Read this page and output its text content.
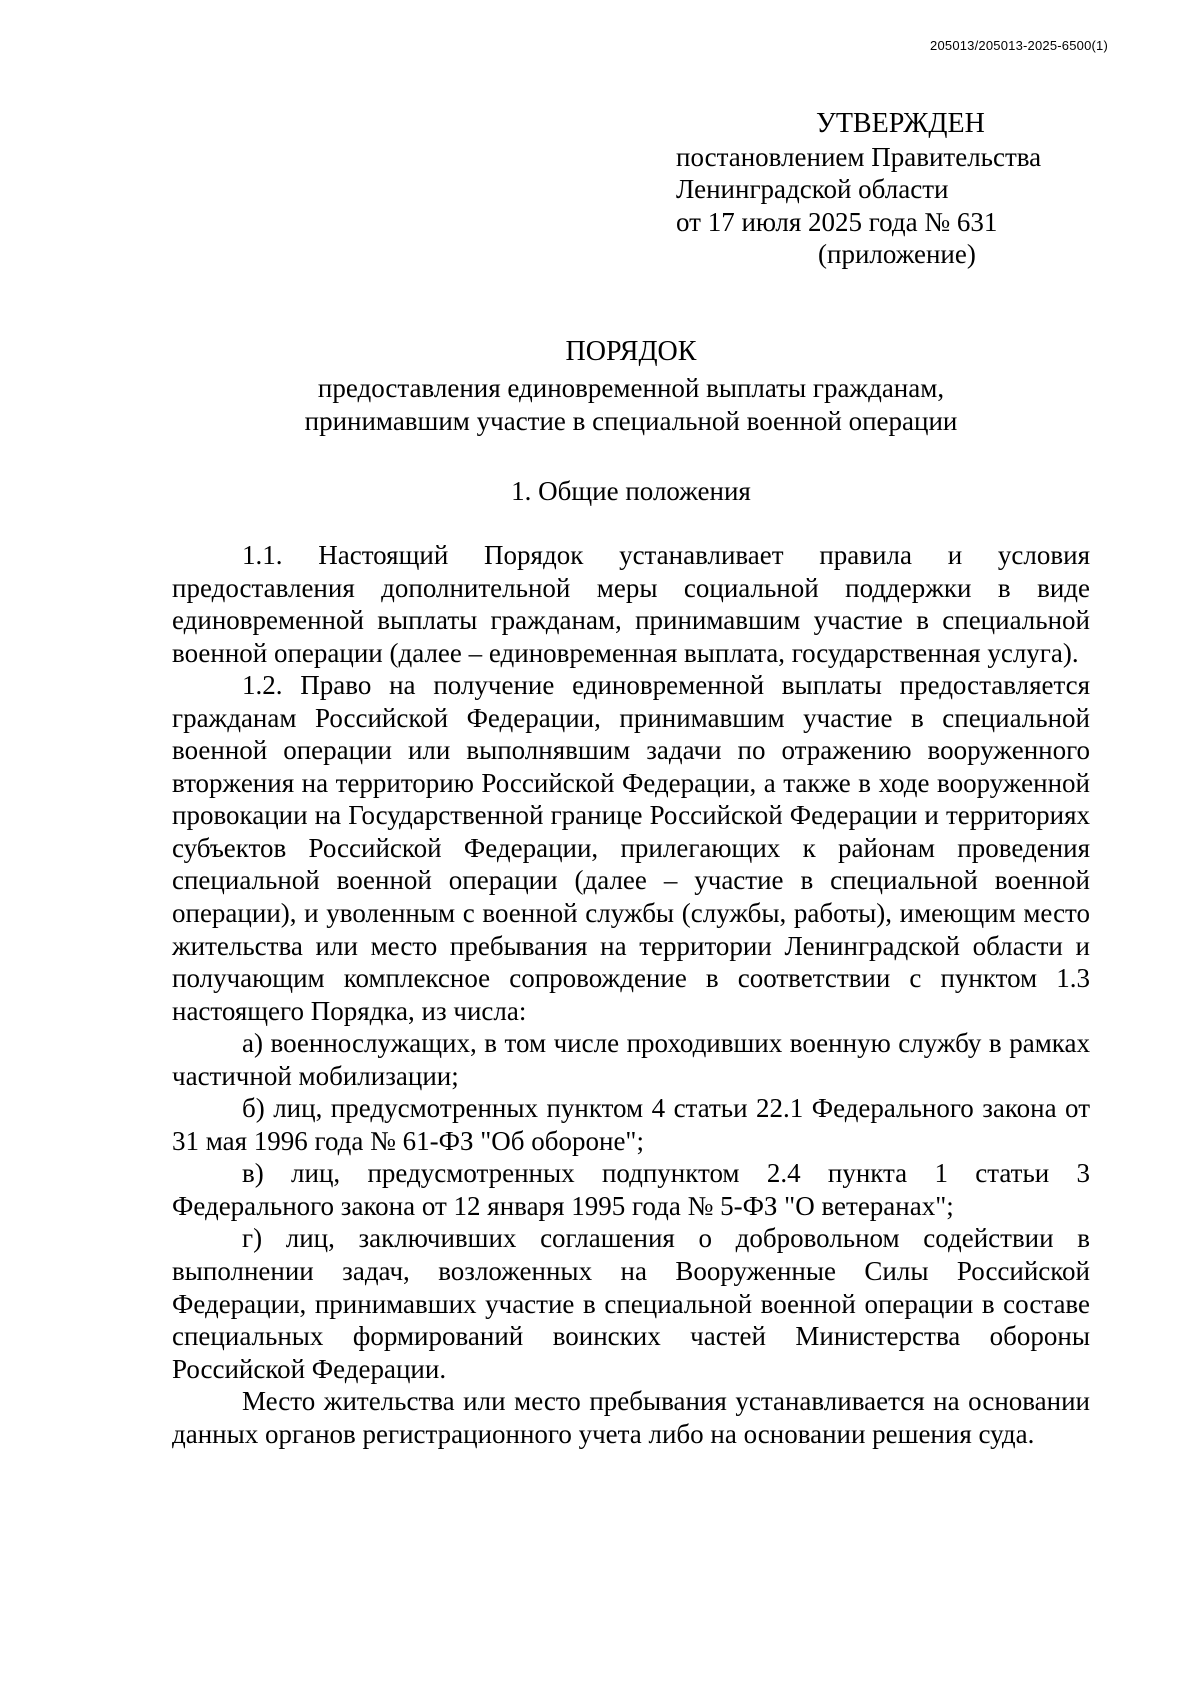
205013/205013-2025-6500(1)
УТВЕРЖДЕН
постановлением Правительства
Ленинградской области
от 17 июля 2025 года № 631
(приложение)
ПОРЯДОК
предоставления единовременной выплаты гражданам,
принимавшим участие в специальной военной операции
1. Общие положения

1.1. Настоящий Порядок устанавливает правила и условия предоставления дополнительной меры социальной поддержки в виде единовременной выплаты гражданам, принимавшим участие в специальной военной операции (далее – единовременная выплата, государственная услуга).

1.2. Право на получение единовременной выплаты предоставляется гражданам Российской Федерации, принимавшим участие в специальной военной операции или выполнявшим задачи по отражению вооруженного вторжения на территорию Российской Федерации, а также в ходе вооруженной провокации на Государственной границе Российской Федерации и территориях субъектов Российской Федерации, прилегающих к районам проведения специальной военной операции (далее – участие в специальной военной операции), и уволенным с военной службы (службы, работы), имеющим место жительства или место пребывания на территории Ленинградской области и получающим комплексное сопровождение в соответствии с пунктом 1.3 настоящего Порядка, из числа:

а) военнослужащих, в том числе проходивших военную службу в рамках частичной мобилизации;

б) лиц, предусмотренных пунктом 4 статьи 22.1 Федерального закона от 31 мая 1996 года № 61-ФЗ "Об обороне";

в) лиц, предусмотренных подпунктом 2.4 пункта 1 статьи 3 Федерального закона от 12 января 1995 года № 5-ФЗ "О ветеранах";

г) лиц, заключивших соглашения о добровольном содействии в выполнении задач, возложенных на Вооруженные Силы Российской Федерации, принимавших участие в специальной военной операции в составе специальных формирований воинских частей Министерства обороны Российской Федерации.

Место жительства или место пребывания устанавливается на основании данных органов регистрационного учета либо на основании решения суда.
